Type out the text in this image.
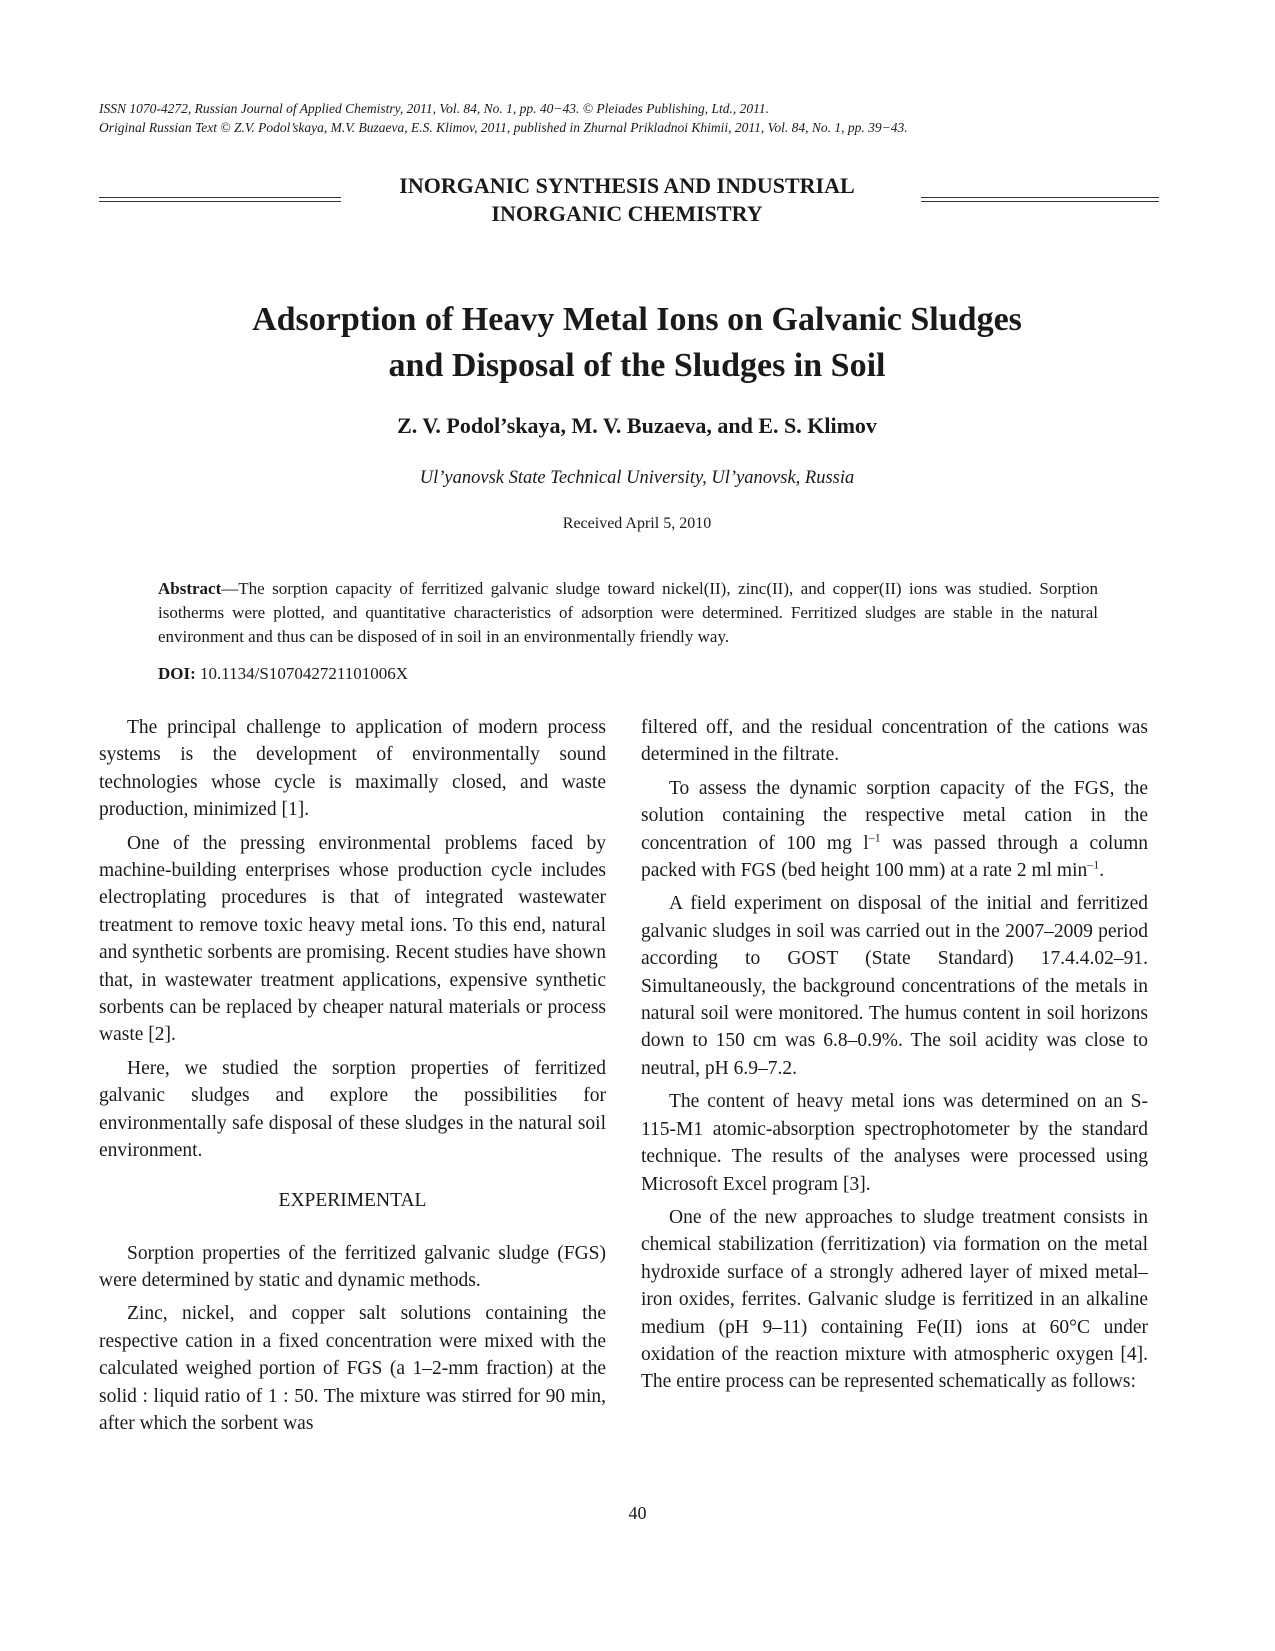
ISSN 1070-4272, Russian Journal of Applied Chemistry, 2011, Vol. 84, No. 1, pp. 40−43. © Pleiades Publishing, Ltd., 2011.
Original Russian Text © Z.V. Podol’skaya, M.V. Buzaeva, E.S. Klimov, 2011, published in Zhurnal Prikladnoi Khimii, 2011, Vol. 84, No. 1, pp. 39−43.
INORGANIC SYNTHESIS AND INDUSTRIAL
INORGANIC CHEMISTRY
Adsorption of Heavy Metal Ions on Galvanic Sludges
and Disposal of the Sludges in Soil
Z. V. Podol’skaya, M. V. Buzaeva, and E. S. Klimov
Ul’yanovsk State Technical University, Ul’yanovsk, Russia
Received April 5, 2010
Abstract—The sorption capacity of ferritized galvanic sludge toward nickel(II), zinc(II), and copper(II) ions was studied. Sorption isotherms were plotted, and quantitative characteristics of adsorption were determined. Ferritized sludges are stable in the natural environment and thus can be disposed of in soil in an environmentally friendly way.
DOI: 10.1134/S107042721101006X

The principal challenge to application of modern process systems is the development of environmentally sound technologies whose cycle is maximally closed, and waste production, minimized [1].

One of the pressing environmental problems faced by machine-building enterprises whose production cycle includes electroplating procedures is that of integrated wastewater treatment to remove toxic heavy metal ions. To this end, natural and synthetic sorbents are promising. Recent studies have shown that, in wastewater treatment applications, expensive synthetic sorbents can be replaced by cheaper natural materials or process waste [2].

Here, we studied the sorption properties of ferritized galvanic sludges and explore the possibilities for environmentally safe disposal of these sludges in the natural soil environment.

EXPERIMENTAL

Sorption properties of the ferritized galvanic sludge (FGS) were determined by static and dynamic methods.

Zinc, nickel, and copper salt solutions containing the respective cation in a fixed concentration were mixed with the calculated weighed portion of FGS (a 1–2-mm fraction) at the solid : liquid ratio of 1 : 50. The mixture was stirred for 90 min, after which the sorbent was

filtered off, and the residual concentration of the cations was determined in the filtrate.

To assess the dynamic sorption capacity of the FGS, the solution containing the respective metal cation in the concentration of 100 mg $l^{-1}$ was passed through a column packed with FGS (bed height 100 mm) at a rate 2 ml $\min^{-1}$.

A field experiment on disposal of the initial and ferritized galvanic sludges in soil was carried out in the 2007–2009 period according to GOST (State Standard) 17.4.4.02–91. Simultaneously, the background concentrations of the metals in natural soil were monitored. The humus content in soil horizons down to 150 cm was 6.8–0.9%. The soil acidity was close to neutral, pH 6.9–7.2.

The content of heavy metal ions was determined on an S-115-M1 atomic-absorption spectrophotometer by the standard technique. The results of the analyses were processed using Microsoft Excel program [3].

One of the new approaches to sludge treatment consists in chemical stabilization (ferritization) via formation on the metal hydroxide surface of a strongly adhered layer of mixed metal–iron oxides, ferrites. Galvanic sludge is ferritized in an alkaline medium (pH 9–11) containing Fe(II) ions at 60°C under oxidation of the reaction mixture with atmospheric oxygen [4]. The entire process can be represented schematically as follows:

40
